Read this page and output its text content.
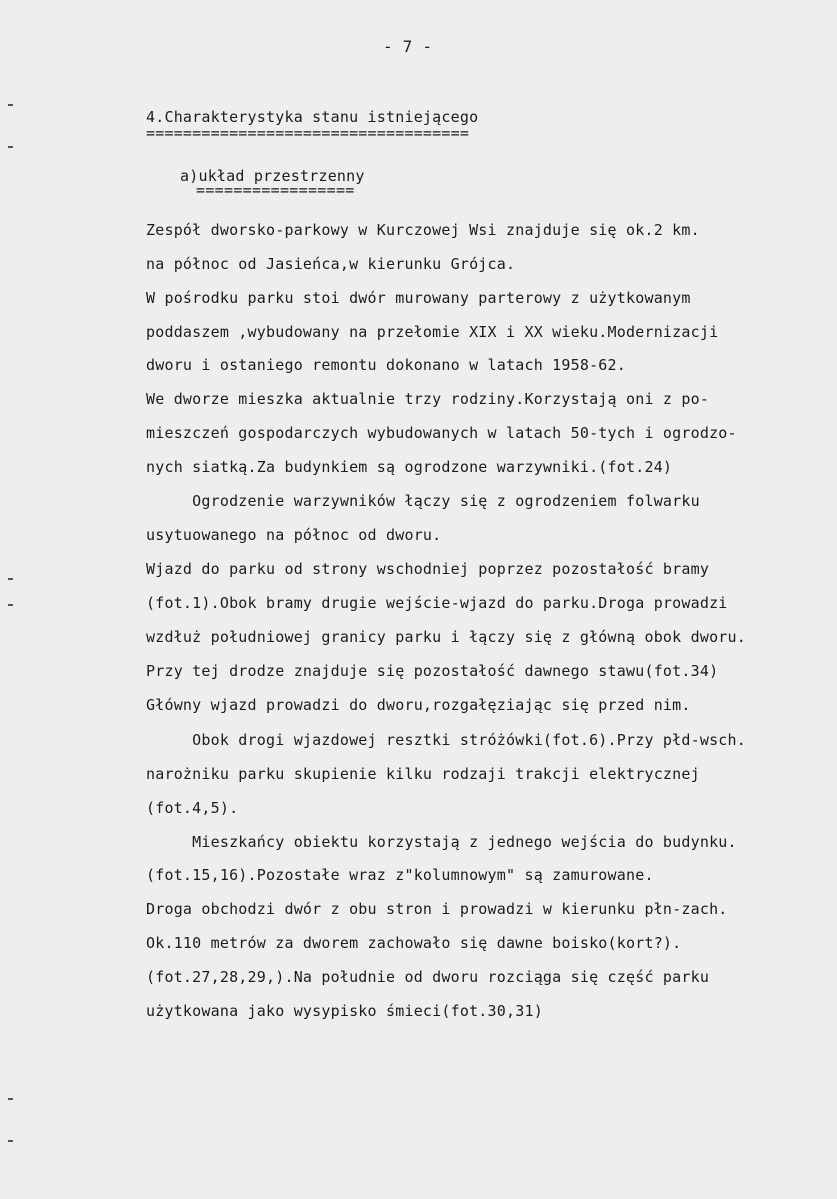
- 7 -
4.Charakterystyka stanu istniejącego
===================================
a)układ przestrzenny
=================
Zespół dworsko-parkowy w Kurczowej Wsi znajduje się ok.2 km.
na północ od Jasieńca,w kierunku Grójca.
W pośrodku parku stoi dwór murowany parterowy z użytkowanym
poddaszem ,wybudowany na przełomie XIX i XX wieku.Modernizacji
dworu i ostaniego remontu dokonano w latach 1958-62.
We dworze mieszka aktualnie trzy rodziny.Korzystają oni z po-
mieszczeń gospodarczych wybudowanych w latach 50-tych i ogrodzo-
nych siatką.Za budynkiem są ogrodzone warzywniki.(fot.24)
Ogrodzenie warzywników łączy się z ogrodzeniem folwarku
usytuowanego na północ od dworu.
Wjazd do parku od strony wschodniej poprzez pozostałość bramy
(fot.1).Obok bramy drugie wejście-wjazd do parku.Droga prowadzi
wzdłuż południowej granicy parku i łączy się z główną obok dworu.
Przy tej drodze znajduje się pozostałość dawnego stawu(fot.34)
Główny wjazd prowadzi do dworu,rozgałęziając się przed nim.
Obok drogi wjazdowej resztki stróżówki(fot.6).Przy płd-wsch.
narożniku parku skupienie kilku rodzaji trakcji elektrycznej
(fot.4,5).
Mieszkańcy obiektu korzystają z jednego wejścia do budynku.
(fot.15,16).Pozostałe wraz z"kolumnowym" są zamurowane.
Droga obchodzi dwór z obu stron i prowadzi w kierunku płn-zach.
Ok.110 metrów za dworem zachowało się dawne boisko(kort?).
(fot.27,28,29,).Na południe od dworu rozciąga się część parku
użytkowana jako wysypisko śmieci(fot.30,31)
